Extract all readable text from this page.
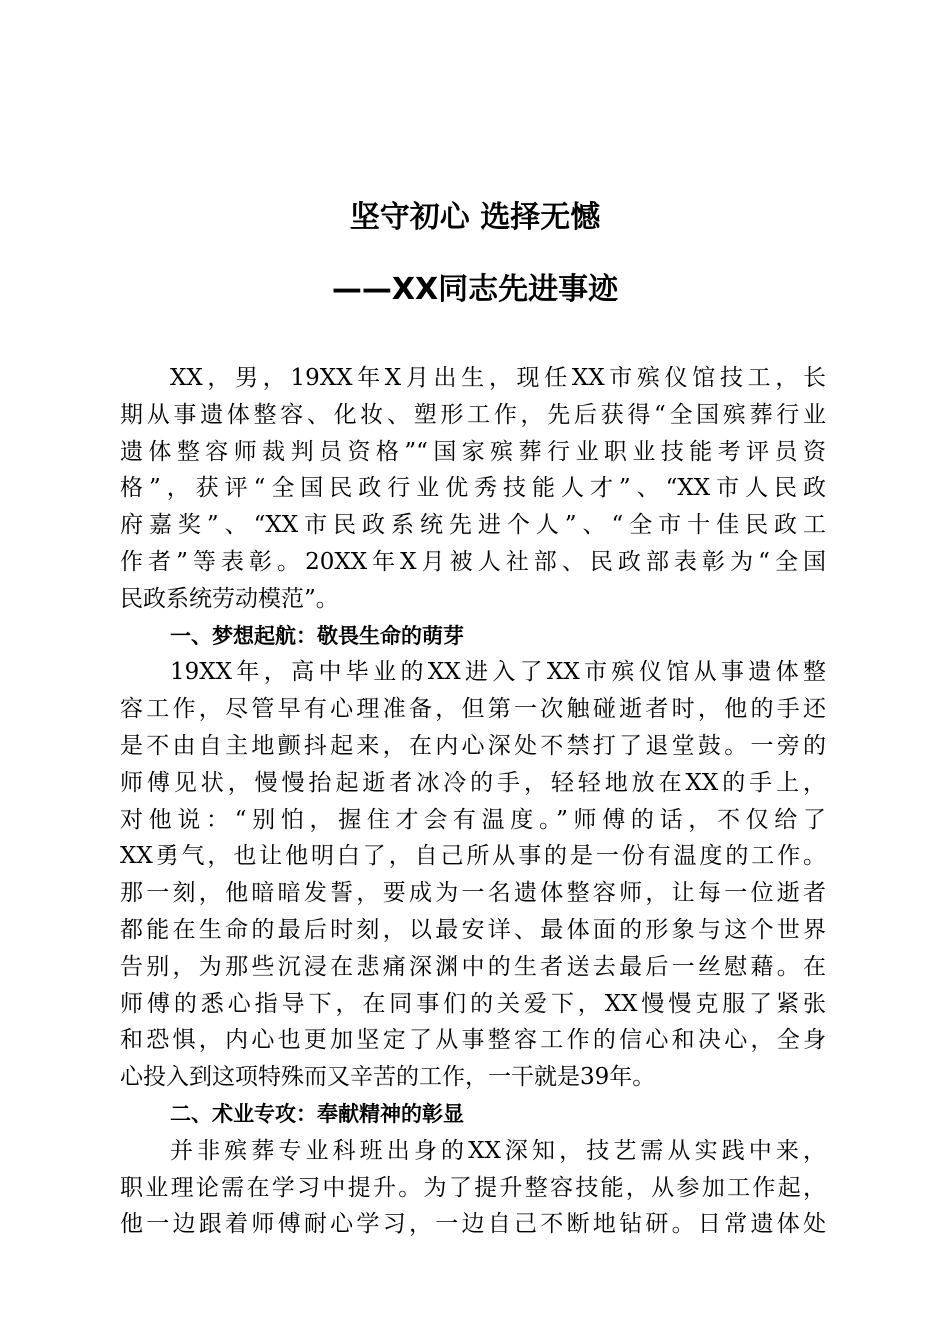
坚守初心 选择无憾
——XX同志先进事迹
XX，男，19XX年X月出生，现任XX市殡仪馆技工，长
期从事遗体整容、化妆、塑形工作，先后获得“全国殡葬行业
遗体整容师裁判员资格”“国家殡葬行业职业技能考评员资
格”，获评“全国民政行业优秀技能人才”、“XX市人民政
府嘉奖”、“XX市民政系统先进个人”、“全市十佳民政工
作者”等表彰。20XX年X月被人社部、民政部表彰为“全国
民政系统劳动模范”。
一、梦想起航：敬畏生命的萌芽
19XX年，高中毕业的XX进入了XX市殡仪馆从事遗体整
容工作，尽管早有心理准备，但第一次触碰逝者时，他的手还
是不由自主地颤抖起来，在内心深处不禁打了退堂鼓。一旁的
师傅见状，慢慢抬起逝者冰冷的手，轻轻地放在XX的手上，
对他说：“别怕，握住才会有温度。”师傅的话，不仅给了
XX勇气，也让他明白了，自己所从事的是一份有温度的工作。
那一刻，他暗暗发誓，要成为一名遗体整容师，让每一位逝者
都能在生命的最后时刻，以最安详、最体面的形象与这个世界
告别，为那些沉浸在悲痛深渊中的生者送去最后一丝慰藉。在
师傅的悉心指导下，在同事们的关爱下，XX慢慢克服了紧张
和恐惧，内心也更加坚定了从事整容工作的信心和决心，全身
心投入到这项特殊而又辛苦的工作，一干就是39年。
二、术业专攻：奉献精神的彰显
并非殡葬专业科班出身的XX深知，技艺需从实践中来，
职业理论需在学习中提升。为了提升整容技能，从参加工作起，
他一边跟着师傅耐心学习，一边自己不断地钻研。日常遗体处
